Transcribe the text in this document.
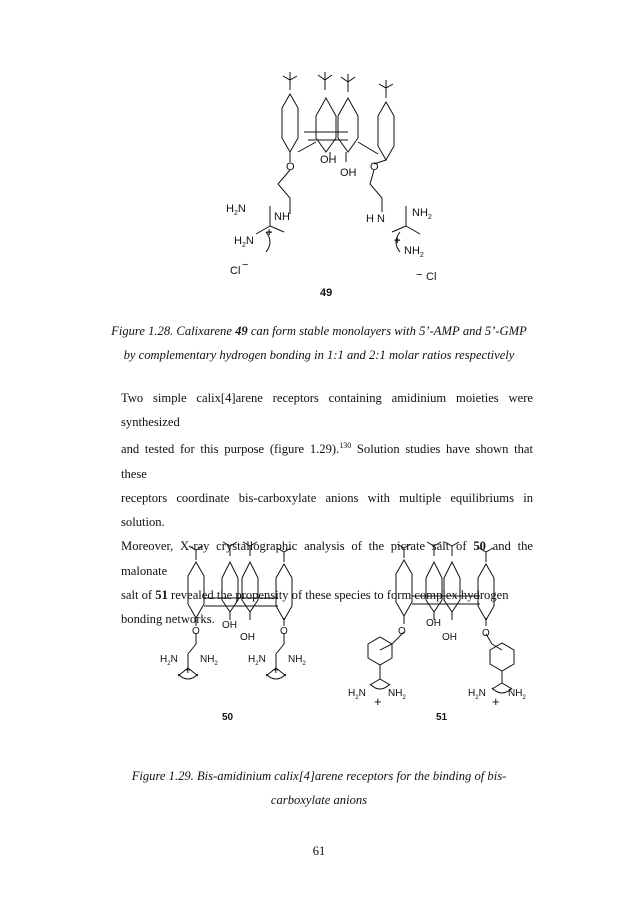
OH
OH
O	O
$H_2N$
NH
$H_2N$
+
H N $NH_2$
+
$NH_2$
Cl −
− Cl
49
Figure 1.28. Calixarene 49 can form stable monolayers with 5’-AMP and 5’-GMP
by complementary hydrogen bonding in 1:1 and 2:1 molar ratios respectively
Two simple calix[4]arene receptors containing amidinium moieties were synthesized
and tested for this purpose (figure 1.29).$^{130}$ Solution studies have shown that these
receptors coordinate bis-carboxylate anions with multiple equilibriums in solution.
Moreover, X-ray crystallographic analysis of the picrate salt of 50 and the malonate
salt of 51 revealed the propensity of these species to form complex hydrogen
bonding networks. OH
OH
O	O
$H_2N$ $NH_2$
+
$H_2N$ $NH_2$
+
50
OH
OH
O	O
$H_2N$ $NH_2$
+
$H_2N$ $NH_2$
+
51
Figure 1.29. Bis-amidinium calix[4]arene receptors for the binding of bis-
carboxylate anions
61
